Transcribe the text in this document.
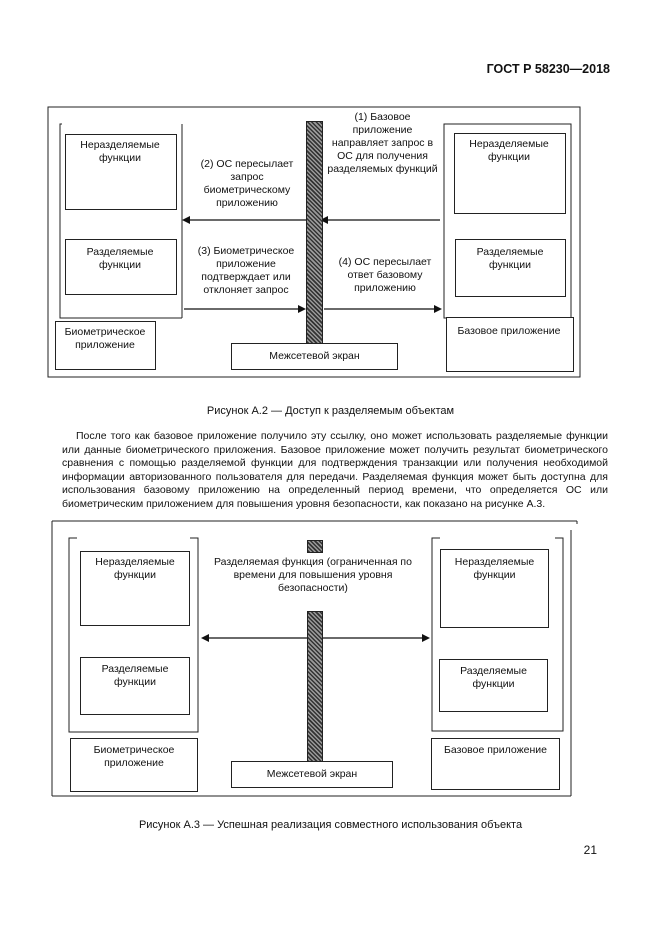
ГОСТ Р 58230—2018
Неразделяемые функции
Разделяемые функции
Биометрическое приложение
Неразделяемые функции
Разделяемые функции
Базовое приложение
Межсетевой экран
(1) Базовое приложение направляет запрос в ОС для получения разделяемых функций
(2) ОС пересылает запрос биометрическому приложению
(3) Биометрическое приложение подтверждает или отклоняет запрос
(4) ОС пересылает ответ базовому приложению
Рисунок А.2 — Доступ к разделяемым объектам
После того как базовое приложение получило эту ссылку, оно может использовать разделяемые функции или данные биометрического приложения. Базовое приложение может получить результат биометрического сравнения с помощью разделяемой функции для подтверждения транзакции или получения необходимой информации авторизованного пользователя для передачи. Разделяемая функция может быть доступна для использования базовому приложению на определенный период времени, что определяется ОС или биометрическим приложением для повышения уровня безопасности, как показано на рисунке А.3.
Неразделяемые функции
Разделяемые функции
Биометрическое приложение
Неразделяемые функции
Разделяемые функции
Базовое приложение
Межсетевой экран
Разделяемая функция (ограниченная по времени для повышения уровня безопасности)
Рисунок А.3 — Успешная реализация совместного использования объекта
21
